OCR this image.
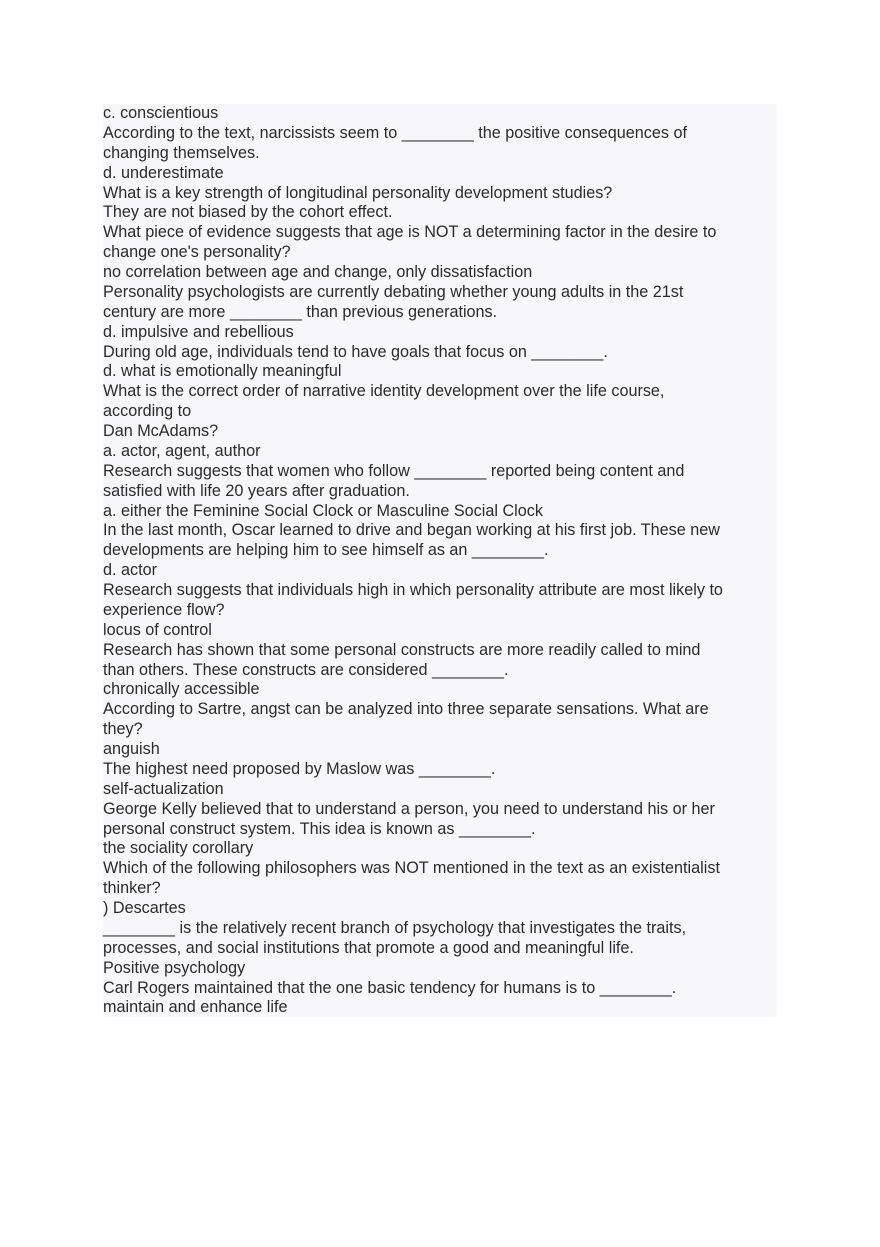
c. conscientious
According to the text, narcissists seem to ________ the positive consequences of
changing themselves.
d. underestimate
What is a key strength of longitudinal personality development studies?
They are not biased by the cohort effect.
What piece of evidence suggests that age is NOT a determining factor in the desire to
change one's personality?
no correlation between age and change, only dissatisfaction
Personality psychologists are currently debating whether young adults in the 21st
century are more ________ than previous generations.
d. impulsive and rebellious
During old age, individuals tend to have goals that focus on ________.
d. what is emotionally meaningful
What is the correct order of narrative identity development over the life course,
according to
Dan McAdams?
a. actor, agent, author
Research suggests that women who follow ________ reported being content and
satisfied with life 20 years after graduation.
a. either the Feminine Social Clock or Masculine Social Clock
In the last month, Oscar learned to drive and began working at his first job. These new
developments are helping him to see himself as an ________.
d. actor
Research suggests that individuals high in which personality attribute are most likely to
experience flow?
locus of control
Research has shown that some personal constructs are more readily called to mind
than others. These constructs are considered ________.
chronically accessible
According to Sartre, angst can be analyzed into three separate sensations. What are
they?
anguish
The highest need proposed by Maslow was ________.
self-actualization
George Kelly believed that to understand a person, you need to understand his or her
personal construct system. This idea is known as ________.
the sociality corollary
Which of the following philosophers was NOT mentioned in the text as an existentialist
thinker?
) Descartes
________ is the relatively recent branch of psychology that investigates the traits,
processes, and social institutions that promote a good and meaningful life.
Positive psychology
Carl Rogers maintained that the one basic tendency for humans is to ________.
maintain and enhance life
